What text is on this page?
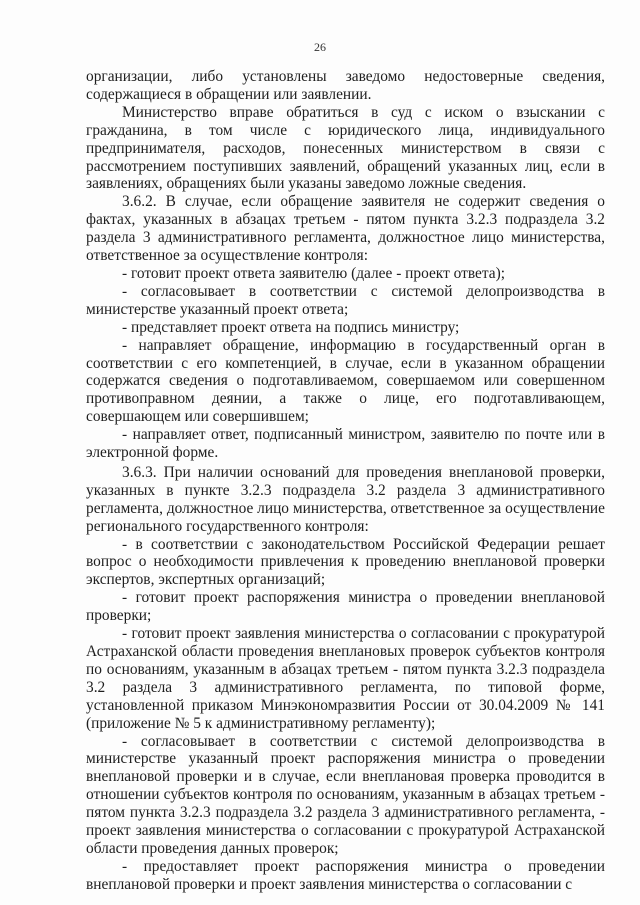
26

организации, либо установлены заведомо недостоверные сведения, содержащиеся в обращении или заявлении.

Министерство вправе обратиться в суд с иском о взыскании с гражданина, в том числе с юридического лица, индивидуального предпринимателя, расходов, понесенных министерством в связи с рассмотрением поступивших заявлений, обращений указанных лиц, если в заявлениях, обращениях были указаны заведомо ложные сведения.

3.6.2. В случае, если обращение заявителя не содержит сведения о фактах, указанных в абзацах третьем - пятом пункта 3.2.3 подраздела 3.2 раздела 3 административного регламента, должностное лицо министерства, ответственное за осуществление контроля:

- готовит проект ответа заявителю (далее - проект ответа);

- согласовывает в соответствии с системой делопроизводства в министерстве указанный проект ответа;

- представляет проект ответа на подпись министру;

- направляет обращение, информацию в государственный орган в соответствии с его компетенцией, в случае, если в указанном обращении содержатся сведения о подготавливаемом, совершаемом или совершенном противоправном деянии, а также о лице, его подготавливающем, совершающем или совершившем;

- направляет ответ, подписанный министром, заявителю по почте или в электронной форме.

3.6.3. При наличии оснований для проведения внеплановой проверки, указанных в пункте 3.2.3 подраздела 3.2 раздела 3 административного регламента, должностное лицо министерства, ответственное за осуществление регионального государственного контроля:

- в соответствии с законодательством Российской Федерации решает вопрос о необходимости привлечения к проведению внеплановой проверки экспертов, экспертных организаций;

- готовит проект распоряжения министра о проведении внеплановой проверки;

- готовит проект заявления министерства о согласовании с прокуратурой Астраханской области проведения внеплановых проверок субъектов контроля по основаниям, указанным в абзацах третьем - пятом пункта 3.2.3 подраздела 3.2 раздела 3 административного регламента, по типовой форме, установленной приказом Минэкономразвития России от 30.04.2009 № 141 (приложение № 5 к административному регламенту);

- согласовывает в соответствии с системой делопроизводства в министерстве указанный проект распоряжения министра о проведении внеплановой проверки и в случае, если внеплановая проверка проводится в отношении субъектов контроля по основаниям, указанным в абзацах третьем - пятом пункта 3.2.3 подраздела 3.2 раздела 3 административного регламента, - проект заявления министерства о согласовании с прокуратурой Астраханской области проведения данных проверок;

- предоставляет проект распоряжения министра о проведении внеплановой проверки и проект заявления министерства о согласовании с
